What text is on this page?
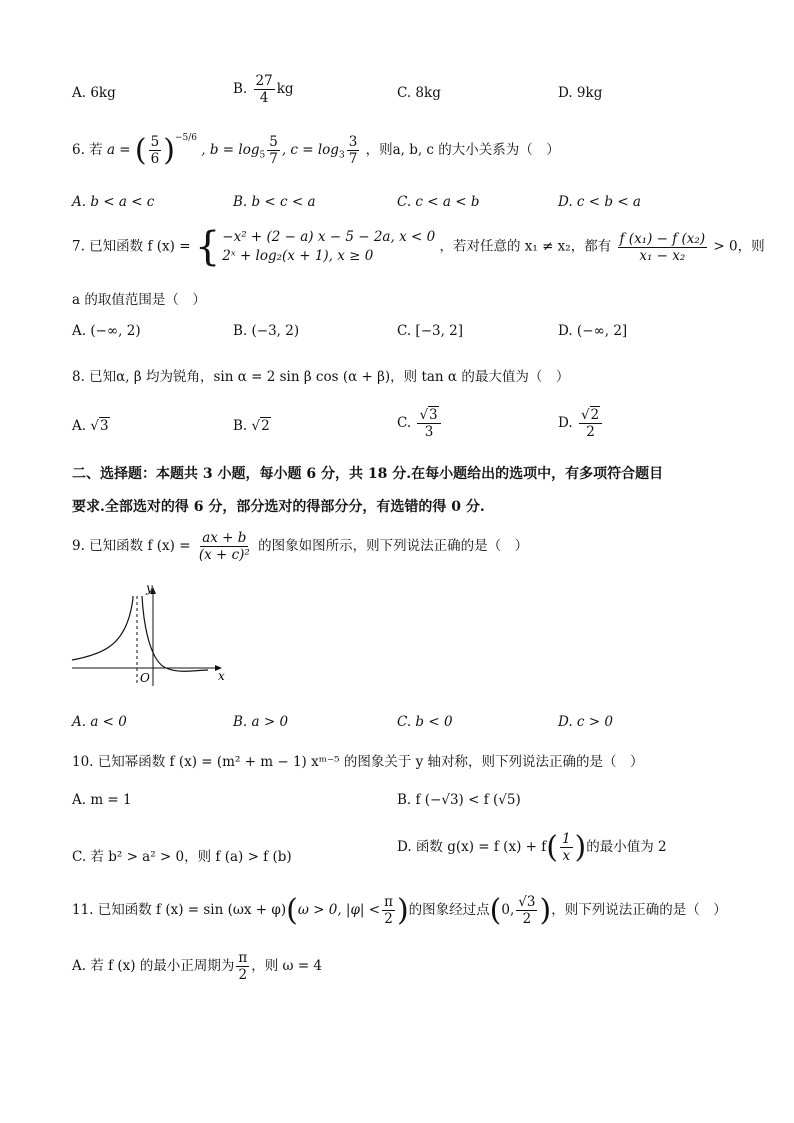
A. 6kg	B. $\frac{27}{4}$ kg	C. 8kg	D. 9kg
6. 若 a = ( $\frac{5}{6} )^{-5/6}$ , $b = \log_5 \frac{5}{7}$ , $c = \log_3 \frac{3}{7}$ ，则a, b, c 的大小关系为（　）
A. b < a < c	B. b < c < a	C. c < a < b	D. c < b < a
7. 已知函数 f (x) = { −x² + (2 − a) x − 5 − 2a, x < 0
2ˣ + log₂(x + 1), x ≥ 0
，若对任意的 x₁ ≠ x₂，都有 $\frac{\text{f (x₁) − f (x₂)}}{\text{x₁ − x₂}} > 0$，则
a 的取值范围是（　）
A. (−∞, 2)	B. (−3, 2)	C. [−3, 2]	D. (−∞, 2]
8. 已知α, β 均为锐角，sin α = 2 sin β cos (α + β)，则 tan α 的最大值为（　）
A. √3	B. √2	C. $\frac{√3}{3}$	D. $\frac{√2}{2}$
二、选择题：本题共 3 小题，每小题 6 分，共 18 分.在每小题给出的选项中，有多项符合题目
要求.全部选对的得 6 分，部分选对的得部分分，有选错的得 0 分.
9. 已知函数 f $(x) = \frac{ax + b}{\text{(x + c)²}}$ 的图象如图所示，则下列说法正确的是（　）
y
x
O
A. a < 0	B. a > 0	C. b < 0	D. c > 0
10. 已知幂函数 f (x) = (m² + m − 1) xᵐ⁻⁵ 的图象关于 y 轴对称，则下列说法正确的是（　）
A. m = 1	B. f (−√3) < f (√5)
C. 若 b² > a² > 0，则 f (a) > f (b)
D. 函数 g(x) = f $(x) + f( \frac{1}{x}$ )的最小值为 2
11. 已知函数 f (x) = sin (ωx + φ)(ω > 0, $|\varphi| < \frac{\pi}{2}$ )的图象经过点(0, $\frac{√3}{2}$ )，则下列说法正确的是（　）
A. 若 f (x) 的最小正周期为 $\frac{\pi}{2}$ ，则 ω = 4
